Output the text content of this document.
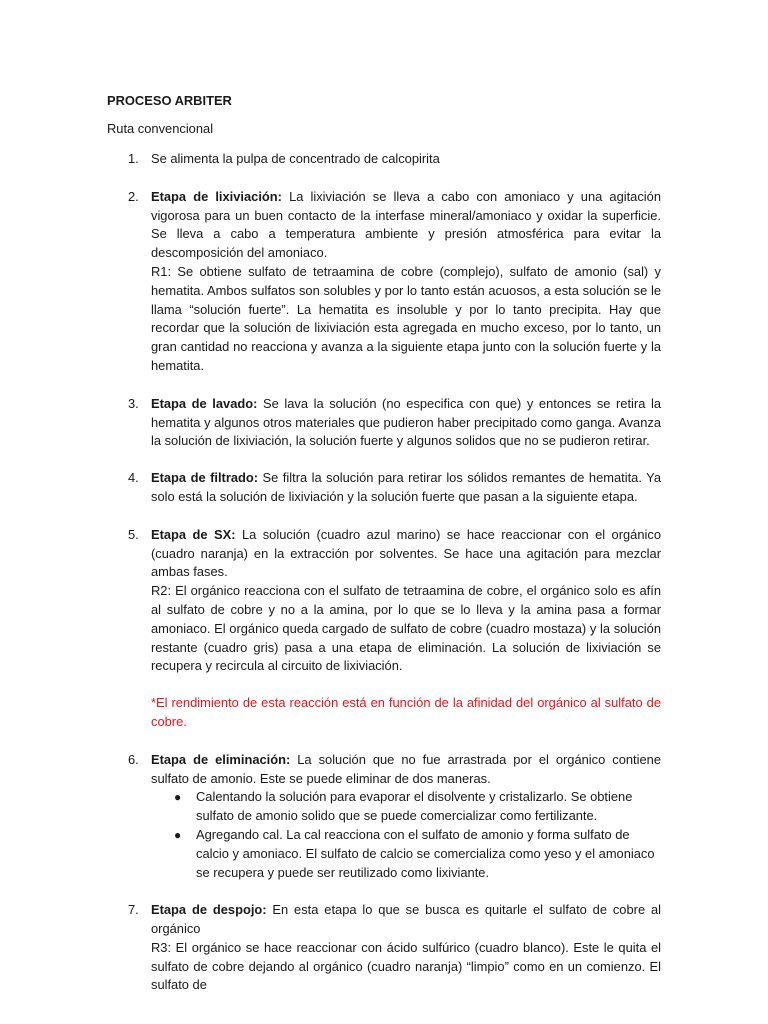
PROCESO ARBITER

Ruta convencional

1. Se alimenta la pulpa de concentrado de calcopirita

2. Etapa de lixiviación: La lixiviación se lleva a cabo con amoniaco y una agitación vigorosa para un buen contacto de la interfase mineral/amoniaco y oxidar la superficie. Se lleva a cabo a temperatura ambiente y presión atmosférica para evitar la descomposición del amoniaco.

R1: Se obtiene sulfato de tetraamina de cobre (complejo), sulfato de amonio (sal) y hematita. Ambos sulfatos son solubles y por lo tanto están acuosos, a esta solución se le llama “solución fuerte”. La hematita es insoluble y por lo tanto precipita. Hay que recordar que la solución de lixiviación esta agregada en mucho exceso, por lo tanto, un gran cantidad no reacciona y avanza a la siguiente etapa junto con la solución fuerte y la hematita.

3. Etapa de lavado: Se lava la solución (no especifica con que) y entonces se retira la hematita y algunos otros materiales que pudieron haber precipitado como ganga. Avanza la solución de lixiviación, la solución fuerte y algunos solidos que no se pudieron retirar.

4. Etapa de filtrado: Se filtra la solución para retirar los sólidos remantes de hematita. Ya solo está la solución de lixiviación y la solución fuerte que pasan a la siguiente etapa.

5. Etapa de SX: La solución (cuadro azul marino) se hace reaccionar con el orgánico (cuadro naranja) en la extracción por solventes. Se hace una agitación para mezclar ambas fases.

R2: El orgánico reacciona con el sulfato de tetraamina de cobre, el orgánico solo es afín al sulfato de cobre y no a la amina, por lo que se lo lleva y la amina pasa a formar amoniaco. El orgánico queda cargado de sulfato de cobre (cuadro mostaza) y la solución restante (cuadro gris) pasa a una etapa de eliminación. La solución de lixiviación se recupera y recircula al circuito de lixiviación.

*El rendimiento de esta reacción está en función de la afinidad del orgánico al sulfato de cobre.

6. Etapa de eliminación: La solución que no fue arrastrada por el orgánico contiene sulfato de amonio. Este se puede eliminar de dos maneras.

● Calentando la solución para evaporar el disolvente y cristalizarlo. Se obtiene sulfato de amonio solido que se puede comercializar como fertilizante.
● Agregando cal. La cal reacciona con el sulfato de amonio y forma sulfato de calcio y amoniaco. El sulfato de calcio se comercializa como yeso y el amoniaco se recupera y puede ser reutilizado como lixiviante.
7. Etapa de despojo: En esta etapa lo que se busca es quitarle el sulfato de cobre al orgánico

R3: El orgánico se hace reaccionar con ácido sulfúrico (cuadro blanco). Este le quita el sulfato de cobre dejando al orgánico (cuadro naranja) “limpio” como en un comienzo. El sulfato de
